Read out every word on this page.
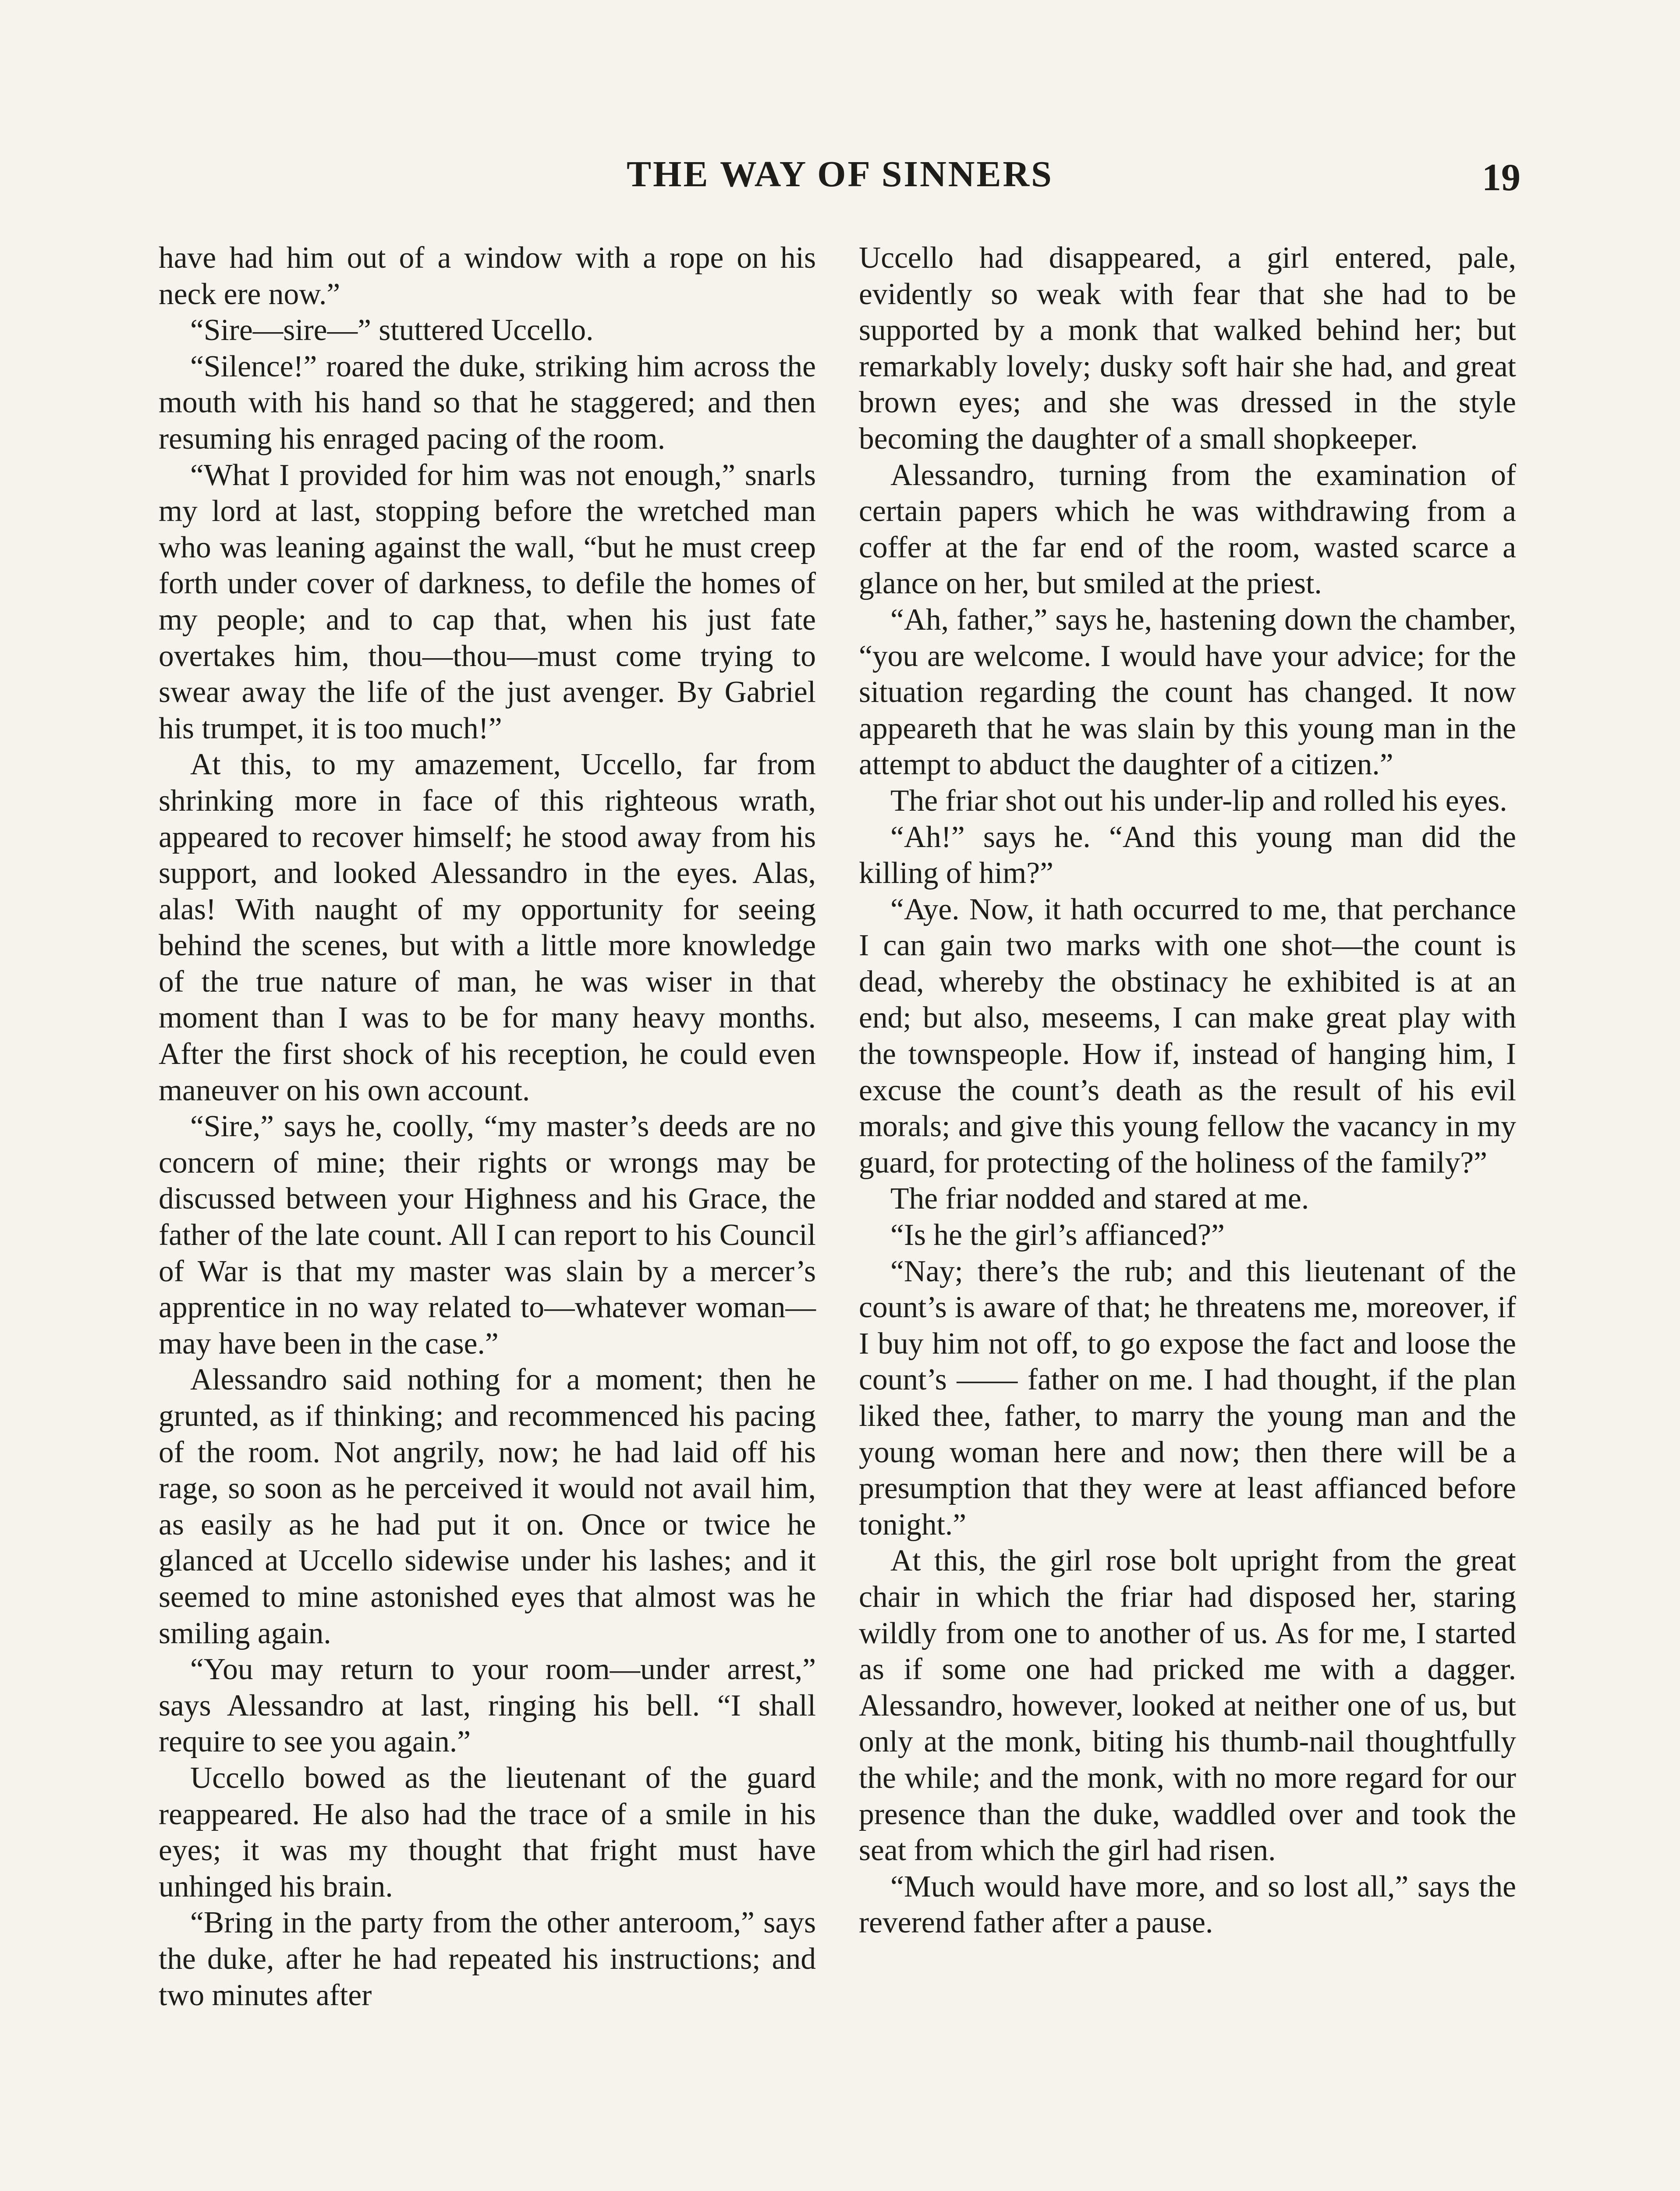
THE WAY OF SINNERS	19

have had him out of a window with a rope on his neck ere now.”

“Sire—sire—” stuttered Uccello.

“Silence!” roared the duke, striking him across the mouth with his hand so that he staggered; and then resuming his enraged pacing of the room.

“What I provided for him was not enough,” snarls my lord at last, stopping before the wretched man who was leaning against the wall, “but he must creep forth under cover of darkness, to defile the homes of my people; and to cap that, when his just fate overtakes him, thou—thou—must come trying to swear away the life of the just avenger. By Gabriel his trumpet, it is too much!”

At this, to my amazement, Uccello, far from shrinking more in face of this righteous wrath, appeared to recover himself; he stood away from his support, and looked Alessandro in the eyes. Alas, alas! With naught of my opportunity for seeing behind the scenes, but with a little more knowledge of the true nature of man, he was wiser in that moment than I was to be for many heavy months. After the first shock of his reception, he could even maneuver on his own account.

“Sire,” says he, coolly, “my master’s deeds are no concern of mine; their rights or wrongs may be discussed between your Highness and his Grace, the father of the late count. All I can report to his Council of War is that my master was slain by a mercer’s apprentice in no way related to—whatever woman—may have been in the case.”

Alessandro said nothing for a moment; then he grunted, as if thinking; and recommenced his pacing of the room. Not angrily, now; he had laid off his rage, so soon as he perceived it would not avail him, as easily as he had put it on. Once or twice he glanced at Uccello sidewise under his lashes; and it seemed to mine astonished eyes that almost was he smiling again.

“You may return to your room—under arrest,” says Alessandro at last, ringing his bell. “I shall require to see you again.”

Uccello bowed as the lieutenant of the guard reappeared. He also had the trace of a smile in his eyes; it was my thought that fright must have unhinged his brain.

“Bring in the party from the other anteroom,” says the duke, after he had repeated his instructions; and two minutes after

Uccello had disappeared, a girl entered, pale, evidently so weak with fear that she had to be supported by a monk that walked behind her; but remarkably lovely; dusky soft hair she had, and great brown eyes; and she was dressed in the style becoming the daughter of a small shopkeeper.

Alessandro, turning from the examination of certain papers which he was withdrawing from a coffer at the far end of the room, wasted scarce a glance on her, but smiled at the priest.

“Ah, father,” says he, hastening down the chamber, “you are welcome. I would have your advice; for the situation regarding the count has changed. It now appeareth that he was slain by this young man in the attempt to abduct the daughter of a citizen.”

The friar shot out his under-lip and rolled his eyes.

“Ah!” says he. “And this young man did the killing of him?”

“Aye. Now, it hath occurred to me, that perchance I can gain two marks with one shot—the count is dead, whereby the obstinacy he exhibited is at an end; but also, meseems, I can make great play with the townspeople. How if, instead of hanging him, I excuse the count’s death as the result of his evil morals; and give this young fellow the vacancy in my guard, for protecting of the holiness of the family?”

The friar nodded and stared at me.

“Is he the girl’s affianced?”

“Nay; there’s the rub; and this lieutenant of the count’s is aware of that; he threatens me, moreover, if I buy him not off, to go expose the fact and loose the count’s —— father on me. I had thought, if the plan liked thee, father, to marry the young man and the young woman here and now; then there will be a presumption that they were at least affianced before tonight.”

At this, the girl rose bolt upright from the great chair in which the friar had disposed her, staring wildly from one to another of us. As for me, I started as if some one had pricked me with a dagger. Alessandro, however, looked at neither one of us, but only at the monk, biting his thumb-nail thoughtfully the while; and the monk, with no more regard for our presence than the duke, waddled over and took the seat from which the girl had risen.

“Much would have more, and so lost all,” says the reverend father after a pause.
